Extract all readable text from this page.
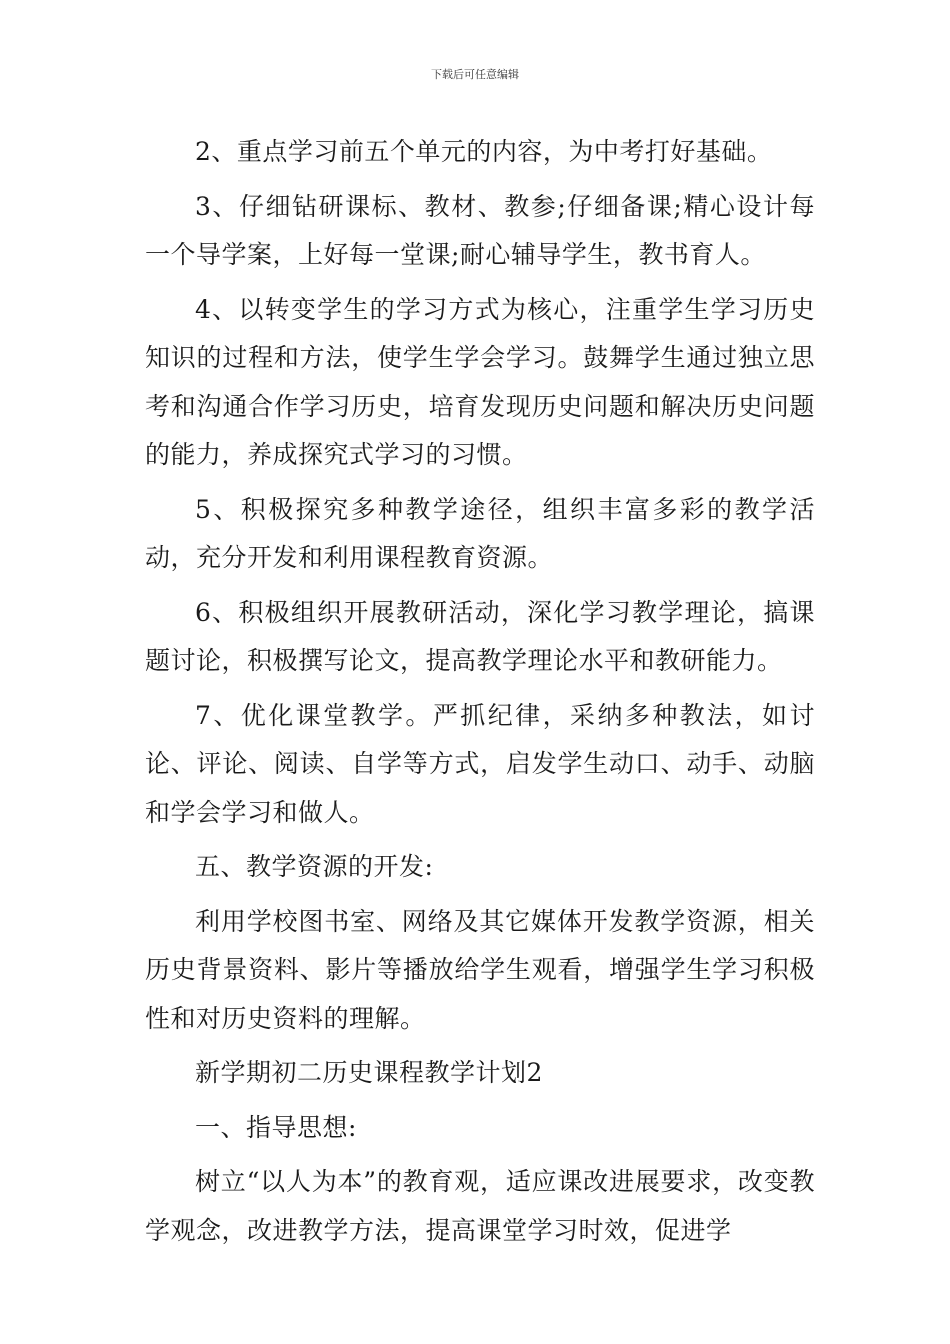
下载后可任意编辑

2、重点学习前五个单元的内容，为中考打好基础。

3、仔细钻研课标、教材、教参;仔细备课;精心设计每一个导学案，上好每一堂课;耐心辅导学生，教书育人。

4、以转变学生的学习方式为核心，注重学生学习历史知识的过程和方法，使学生学会学习。鼓舞学生通过独立思考和沟通合作学习历史，培育发现历史问题和解决历史问题的能力，养成探究式学习的习惯。

5、积极探究多种教学途径，组织丰富多彩的教学活动，充分开发和利用课程教育资源。

6、积极组织开展教研活动，深化学习教学理论，搞课题讨论，积极撰写论文，提高教学理论水平和教研能力。

7、优化课堂教学。严抓纪律，采纳多种教法，如讨论、评论、阅读、自学等方式，启发学生动口、动手、动脑和学会学习和做人。

五、教学资源的开发:

利用学校图书室、网络及其它媒体开发教学资源，相关历史背景资料、影片等播放给学生观看，增强学生学习积极性和对历史资料的理解。

新学期初二历史课程教学计划2

一、指导思想:

树立“以人为本”的教育观，适应课改进展要求，改变教学观念，改进教学方法，提高课堂学习时效，促进学
